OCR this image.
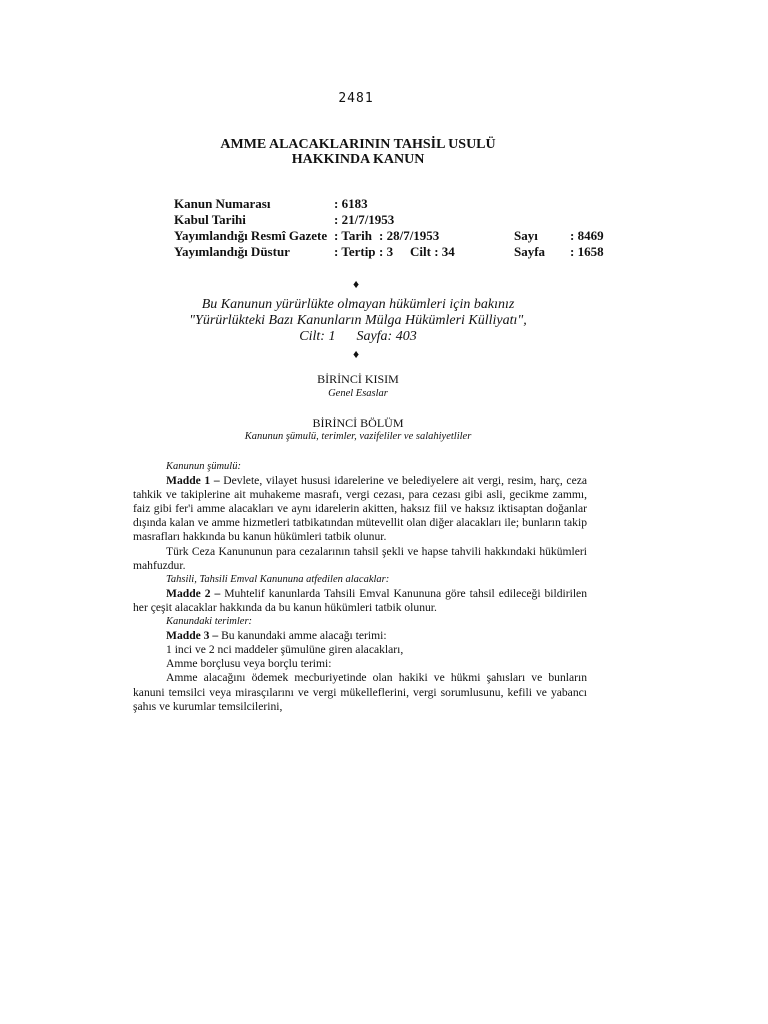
2481
AMME ALACAKLARININ TAHSİL USULÜ
HAKKINDA KANUN
Kanun Numarası	: 6183
Kabul Tarihi	: 21/7/1953
Yayımlandığı Resmî Gazete : Tarih : 28/7/1953	Sayı : 8469
Yayımlandığı Düstur	: Tertip : 3 Cilt : 34	Sayfa : 1658
♦
Bu Kanunun yürürlükte olmayan hükümleri için bakınız
"Yürürlükteki Bazı Kanunların Mülga Hükümleri Külliyatı",
Cilt: 1      Sayfa: 403
♦
BİRİNCİ KISIM
Genel Esaslar
BİRİNCİ BÖLÜM
Kanunun şümulü, terimler, vazifeliler ve salahiyetliler

Kanunun şümulü:

Madde 1 – Devlete, vilayet hususi idarelerine ve belediyelere ait vergi, resim, harç, ceza tahkik ve takiplerine ait muhakeme masrafı, vergi cezası, para cezası gibi asli, gecikme zammı, faiz gibi fer'i amme alacakları ve aynı idarelerin akitten, haksız fiil ve haksız iktisaptan doğanlar dışında kalan ve amme hizmetleri tatbikatından mütevellit olan diğer alacakları ile; bunların takip masrafları hakkında bu kanun hükümleri tatbik olunur.

Türk Ceza Kanununun para cezalarının tahsil şekli ve hapse tahvili hakkındaki hükümleri mahfuzdur.

Tahsili, Tahsili Emval Kanununa atfedilen alacaklar:

Madde 2 – Muhtelif kanunlarda Tahsili Emval Kanununa göre tahsil edileceği bildirilen her çeşit alacaklar hakkında da bu kanun hükümleri tatbik olunur.

Kanundaki terimler:

Madde 3 – Bu kanundaki amme alacağı terimi:

1 inci ve 2 nci maddeler şümulüne giren alacakları,

Amme borçlusu veya borçlu terimi:

Amme alacağını ödemek mecburiyetinde olan hakiki ve hükmi şahısları ve bunların kanuni temsilci veya mirasçılarını ve vergi mükelleflerini, vergi sorumlusunu, kefili ve yabancı şahıs ve kurumlar temsilcilerini,
